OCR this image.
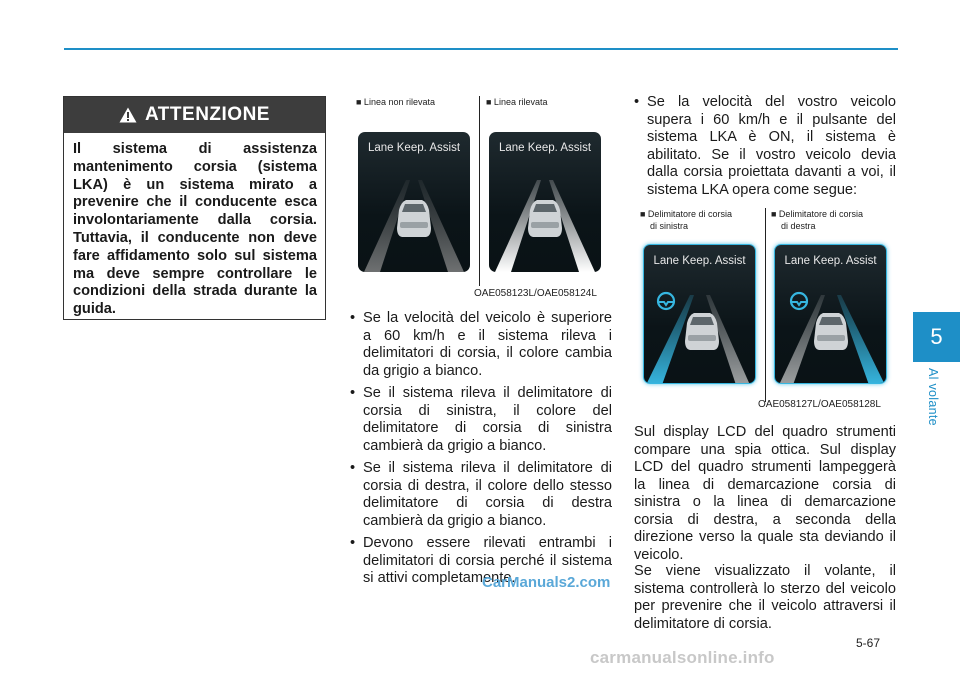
ATTENZIONE
Il sistema di assistenza mantenimento corsia (sistema LKA) è un sistema mirato a prevenire che il conducente esca involontariamente dalla corsia. Tuttavia, il conducente non deve fare affidamento solo sul sistema ma deve sempre controllare le condizioni della strada durante la guida.
■ Linea non rilevata	■ Linea rilevata
Lane Keep. Assist	Lane Keep. Assist
OAE058123L/OAE058124L
• Se la velocità del veicolo è superiore a 60 km/h e il sistema rileva i delimitatori di corsia, il colore cambia da grigio a bianco.
• Se il sistema rileva il delimitatore di corsia di sinistra, il colore del delimitatore di corsia di sinistra cambierà da grigio a bianco.
• Se il sistema rileva il delimitatore di corsia di destra, il colore dello stesso delimitatore di corsia di destra cambierà da grigio a bianco.
• Devono essere rilevati entrambi i delimitatori di corsia perché il sistema si attivi completamente.
CarManuals2.com
• Se la velocità del vostro veicolo supera i 60 km/h e il pulsante del sistema LKA è ON, il sistema è abilitato. Se il vostro veicolo devia dalla corsia proiettata davanti a voi, il sistema LKA opera come segue:
■ Delimitatore di corsia
di sinistra
■ Delimitatore di corsia
di destra
Lane Keep. Assist	Lane Keep. Assist
OAE058127L/OAE058128L

Sul display LCD del quadro strumenti compare una spia ottica. Sul display LCD del quadro strumenti lampeggerà la linea di demarcazione corsia di sinistra o la linea di demarcazione corsia di destra, a seconda della direzione verso la quale sta deviando il veicolo.

Se viene visualizzato il volante, il sistema controllerà lo sterzo del veicolo per prevenire che il veicolo attraversi il delimitatore di corsia.

5
Al volante
5-67
carmanualsonline.info
